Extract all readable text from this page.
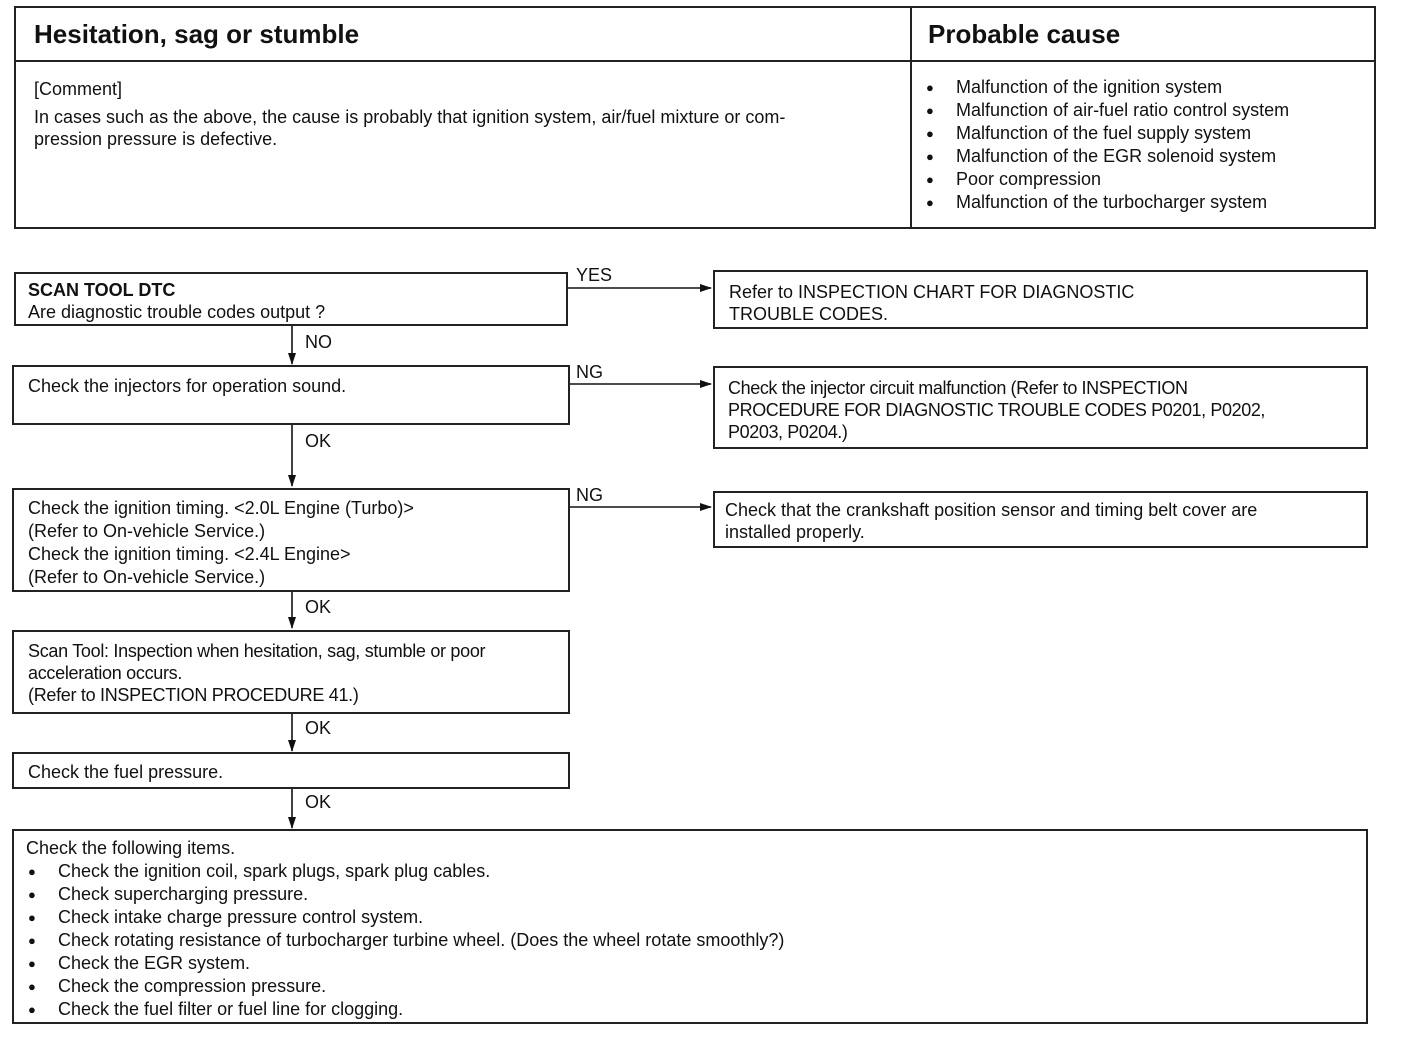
Hesitation, sag or stumble	Probable cause
[Comment]
In cases such as the above, the cause is probably that ignition system, air/fuel mixture or com-
pression pressure is defective.
● Malfunction of the ignition system
● Malfunction of air-fuel ratio control system
● Malfunction of the fuel supply system
● Malfunction of the EGR solenoid system
● Poor compression
● Malfunction of the turbocharger system
SCAN TOOL DTC
Are diagnostic trouble codes output ?
YES
NO
Refer to INSPECTION CHART FOR DIAGNOSTIC
TROUBLE CODES.
Check the injectors for operation sound.
NG
OK
Check the injector circuit malfunction (Refer to INSPECTION
PROCEDURE FOR DIAGNOSTIC TROUBLE CODES P0201, P0202,
P0203, P0204.)
Check the ignition timing. <2.0L Engine (Turbo)>
(Refer to On-vehicle Service.)
Check the ignition timing. <2.4L Engine>
(Refer to On-vehicle Service.)
NG
OK
Check that the crankshaft position sensor and timing belt cover are
installed properly.
Scan Tool: Inspection when hesitation, sag, stumble or poor
acceleration occurs.
(Refer to INSPECTION PROCEDURE 41.)
OK
Check the fuel pressure.
OK
Check the following items.
● Check the ignition coil, spark plugs, spark plug cables.
● Check supercharging pressure.
● Check intake charge pressure control system.
● Check rotating resistance of turbocharger turbine wheel. (Does the wheel rotate smoothly?)
● Check the EGR system.
● Check the compression pressure.
● Check the fuel filter or fuel line for clogging.
